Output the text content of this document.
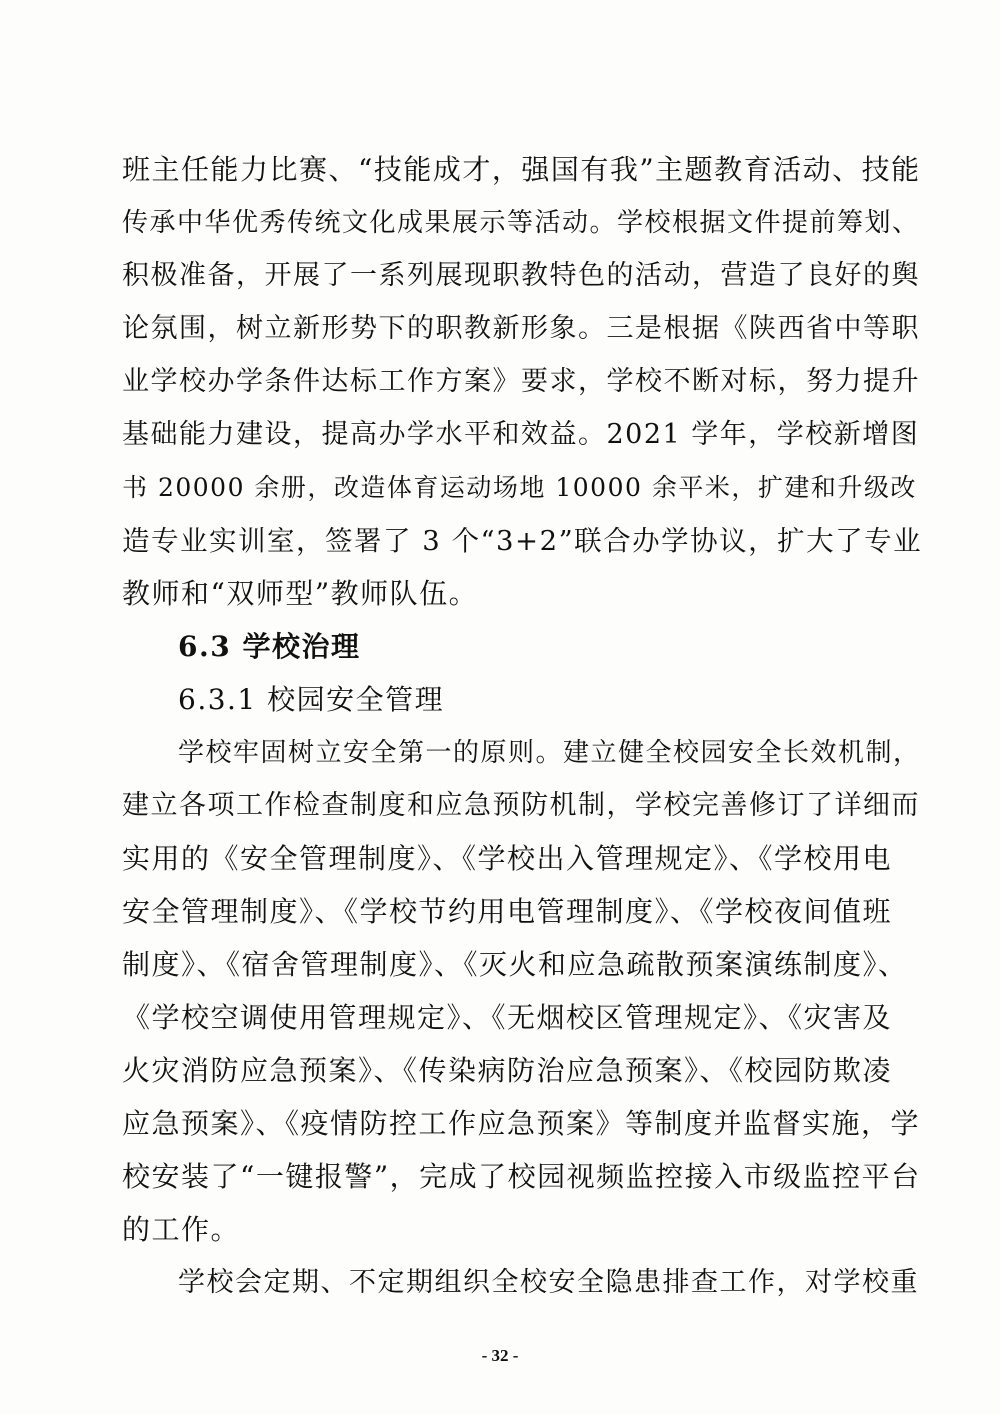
班主任能力比赛、“技能成才，强国有我”主题教育活动、技能
传承中华优秀传统文化成果展示等活动。学校根据文件提前筹划、
积极准备，开展了一系列展现职教特色的活动，营造了良好的舆
论氛围，树立新形势下的职教新形象。三是根据《陕西省中等职
业学校办学条件达标工作方案》要求，学校不断对标，努力提升
基础能力建设，提高办学水平和效益。2021 学年，学校新增图
书 20000 余册，改造体育运动场地 10000 余平米，扩建和升级改
造专业实训室，签署了 3 个“3+2”联合办学协议，扩大了专业
教师和“双师型”教师队伍。
6.3 学校治理
6.3.1 校园安全管理
学校牢固树立安全第一的原则。建立健全校园安全长效机制，
建立各项工作检查制度和应急预防机制，学校完善修订了详细而
实用的《安全管理制度》、《学校出入管理规定》、《学校用电
安全管理制度》、《学校节约用电管理制度》、《学校夜间值班
制度》、《宿舍管理制度》、《灭火和应急疏散预案演练制度》、
《学校空调使用管理规定》、《无烟校区管理规定》、《灾害及
火灾消防应急预案》、《传染病防治应急预案》、《校园防欺凌
应急预案》、《疫情防控工作应急预案》等制度并监督实施，学
校安装了“一键报警”，完成了校园视频监控接入市级监控平台
的工作。
学校会定期、不定期组织全校安全隐患排查工作，对学校重
- 32 -
